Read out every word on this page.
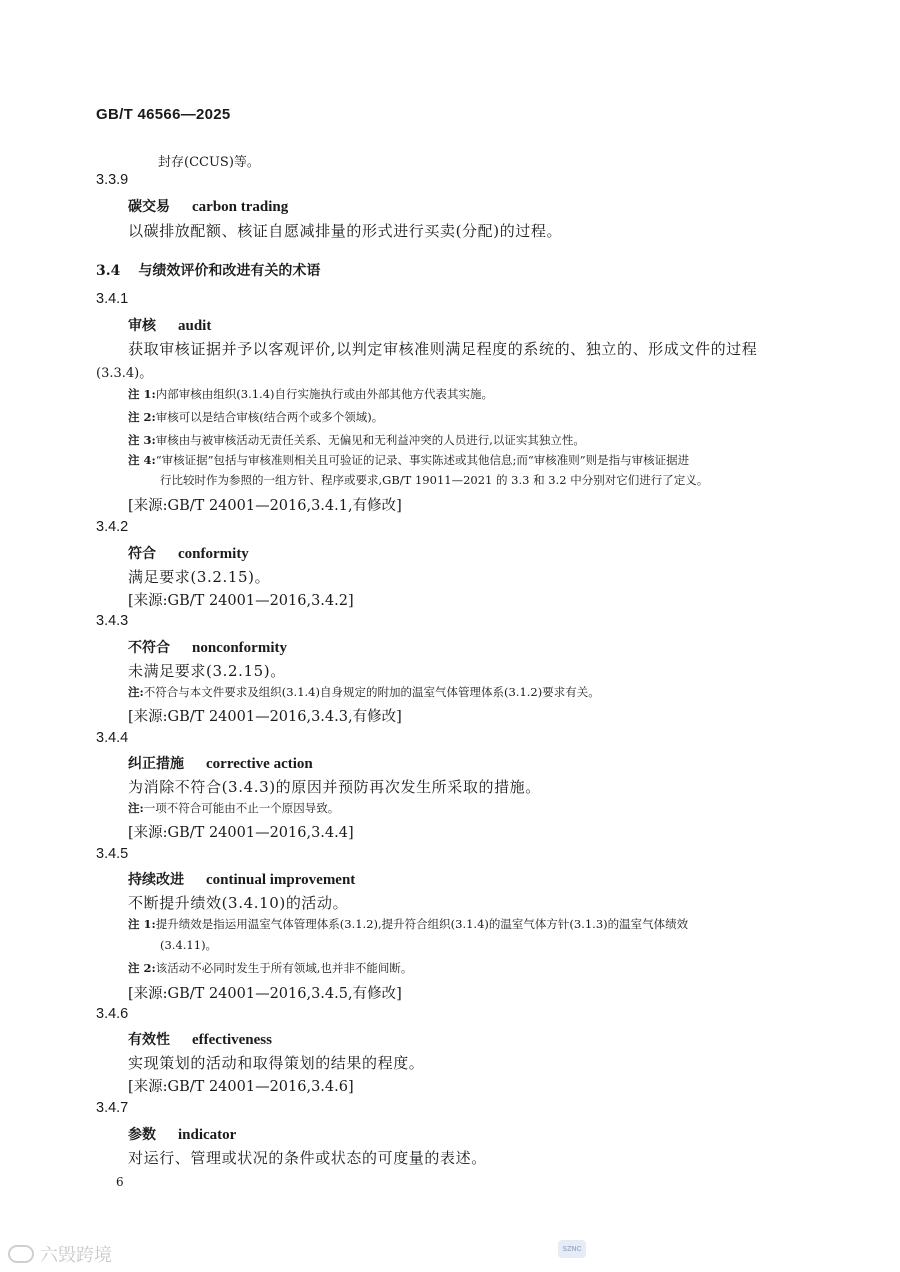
GB/T 46566—2025
封存(CCUS)等。
3.3.9
碳交易 carbon trading
以碳排放配额、核证自愿减排量的形式进行买卖(分配)的过程。
3.4 与绩效评价和改进有关的术语
3.4.1
审核 audit
获取审核证据并予以客观评价,以判定审核准则满足程度的系统的、独立的、形成文件的过程
(3.3.4)。
注 1:内部审核由组织(3.1.4)自行实施执行或由外部其他方代表其实施。
注 2:审核可以是结合审核(结合两个或多个领域)。
注 3:审核由与被审核活动无责任关系、无偏见和无利益冲突的人员进行,以证实其独立性。
注 4:“审核证据”包括与审核准则相关且可验证的记录、事实陈述或其他信息;而“审核准则”则是指与审核证据进
行比较时作为参照的一组方针、程序或要求,GB/T 19011—2021 的 3.3 和 3.2 中分别对它们进行了定义。
[来源:GB/T 24001—2016,3.4.1,有修改]
3.4.2
符合 conformity
满足要求(3.2.15)。
[来源:GB/T 24001—2016,3.4.2]
3.4.3
不符合 nonconformity
未满足要求(3.2.15)。
注:不符合与本文件要求及组织(3.1.4)自身规定的附加的温室气体管理体系(3.1.2)要求有关。
[来源:GB/T 24001—2016,3.4.3,有修改]
3.4.4
纠正措施 corrective action
为消除不符合(3.4.3)的原因并预防再次发生所采取的措施。
注:一项不符合可能由不止一个原因导致。
[来源:GB/T 24001—2016,3.4.4]
3.4.5
持续改进 continual improvement
不断提升绩效(3.4.10)的活动。
注 1:提升绩效是指运用温室气体管理体系(3.1.2),提升符合组织(3.1.4)的温室气体方针(3.1.3)的温室气体绩效
(3.4.11)。
注 2:该活动不必同时发生于所有领域,也并非不能间断。
[来源:GB/T 24001—2016,3.4.5,有修改]
3.4.6
有效性 effectiveness
实现策划的活动和取得策划的结果的程度。
[来源:GB/T 24001—2016,3.4.6]
3.4.7
参数 indicator
对运行、管理或状况的条件或状态的可度量的表述。
6
六毁跨境	SZNC
